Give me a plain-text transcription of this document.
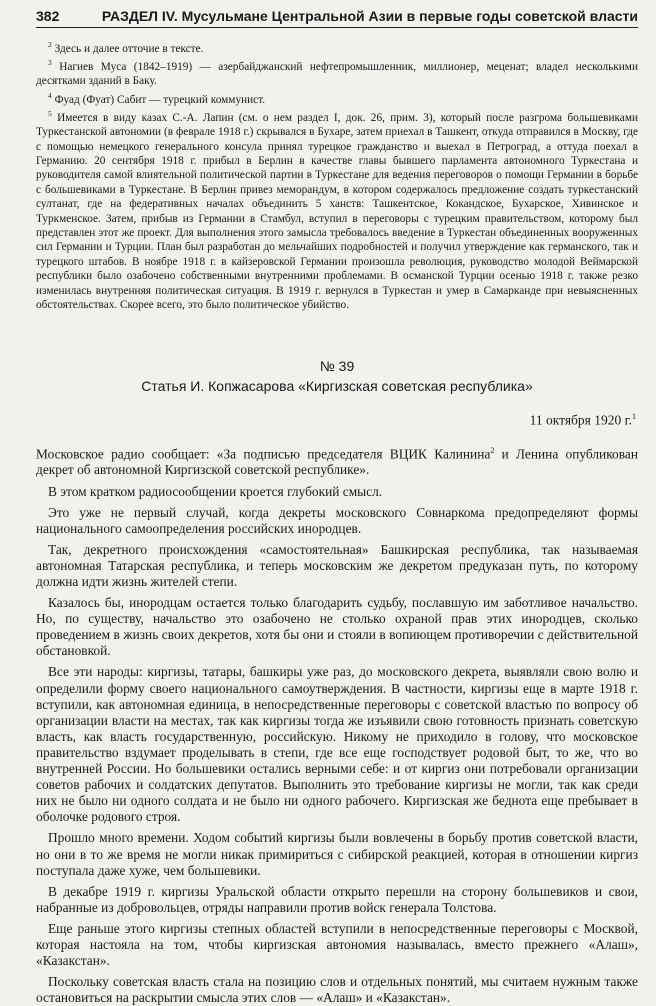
382	РАЗДЕЛ IV. Мусульмане Центральной Азии в первые годы советской власти

$^2$ Здесь и далее отточие в тексте.

$^3$ Нагиев Муса (1842–1919) — азербайджанский нефтепромышленник, миллионер, меценат; владел несколькими десятками зданий в Баку.

$^4$ Фуад (Фуат) Сабит — турецкий коммунист.

$^5$ Имеется в виду казах С.-А. Лапин (см. о нем раздел I, док. 26, прим. 3), который после разгрома большевиками Туркестанской автономии (в феврале 1918 г.) скрывался в Бухаре, затем приехал в Ташкент, откуда отправился в Москву, где с помощью немецкого генерального консула принял турецкое гражданство и выехал в Петроград, а оттуда поехал в Германию. 20 сентября 1918 г. прибыл в Берлин в качестве главы бывшего парламента автономного Туркестана и руководителя самой влиятельной политической партии в Туркестане для ведения переговоров о помощи Германии в борьбе с большевиками в Туркестане. В Берлин привез меморандум, в котором содержалось предложение создать туркестанский султанат, где на федеративных началах объединить 5 ханств: Ташкентское, Кокандское, Бухарское, Хивинское и Туркменское. Затем, прибыв из Германии в Стамбул, вступил в переговоры с турецким правительством, которому был представлен этот же проект. Для выполнения этого замысла требовалось введение в Туркестан объединенных вооруженных сил Германии и Турции. План был разработан до мельчайших подробностей и получил утверждение как германского, так и турецкого штабов. В ноябре 1918 г. в кайзеровской Германии произошла революция, руководство молодой Веймарской республики было озабочено собственными внутренними проблемами. В османской Турции осенью 1918 г. также резко изменилась внутренняя политическая ситуация. В 1919 г. вернулся в Туркестан и умер в Самарканде при невыясненных обстоятельствах. Скорее всего, это было политическое убийство.

№ 39
Статья И. Копжасарова «Киргизская советская республика»
11 октября 1920 г.$^1$

Московское радио сообщает: «За подписью председателя ВЦИК Калинина$^2$ и Ленина опубликован декрет об автономной Киргизской советской республике».

В этом кратком радиосообщении кроется глубокий смысл.

Это уже не первый случай, когда декреты московского Совнаркома предопределяют формы национального самоопределения российских инородцев.

Так, декретного происхождения «самостоятельная» Башкирская республика, так называемая автономная Татарская республика, и теперь московским же декретом предуказан путь, по которому должна идти жизнь жителей степи.

Казалось бы, инородцам остается только благодарить судьбу, пославшую им заботливое начальство. Но, по существу, начальство это озабочено не столько охраной прав этих инородцев, сколько проведением в жизнь своих декретов, хотя бы они и стояли в вопиющем противоречии с действительной обстановкой.

Все эти народы: киргизы, татары, башкиры уже раз, до московского декрета, выявляли свою волю и определили форму своего национального самоутверждения. В частности, киргизы еще в марте 1918 г. вступили, как автономная единица, в непосредственные переговоры с советской властью по вопросу об организации власти на местах, так как киргизы тогда же изъявили свою готовность признать советскую власть, как власть государственную, российскую. Никому не приходило в голову, что московское правительство вздумает проделывать в степи, где все еще господствует родовой быт, то же, что во внутренней России. Но большевики остались верными себе: и от киргиз они потребовали организации советов рабочих и солдатских депутатов. Выполнить это требование киргизы не могли, так как среди них не было ни одного солдата и не было ни одного рабочего. Киргизская же беднота еще пребывает в оболочке родового строя.

Прошло много времени. Ходом событий киргизы были вовлечены в борьбу против советской власти, но они в то же время не могли никак примириться с сибирской реакцией, которая в отношении киргиз поступала даже хуже, чем большевики.

В декабре 1919 г. киргизы Уральской области открыто перешли на сторону большевиков и свои, набранные из добровольцев, отряды направили против войск генерала Толстова.

Еще раньше этого киргизы степных областей вступили в непосредственные переговоры с Москвой, которая настояла на том, чтобы киргизская автономия называлась, вместо прежнего «Алаш», «Казакстан».

Поскольку советская власть стала на позицию слов и отдельных понятий, мы считаем нужным также остановиться на раскрытии смысла этих слов — «Алаш» и «Казакстан».
